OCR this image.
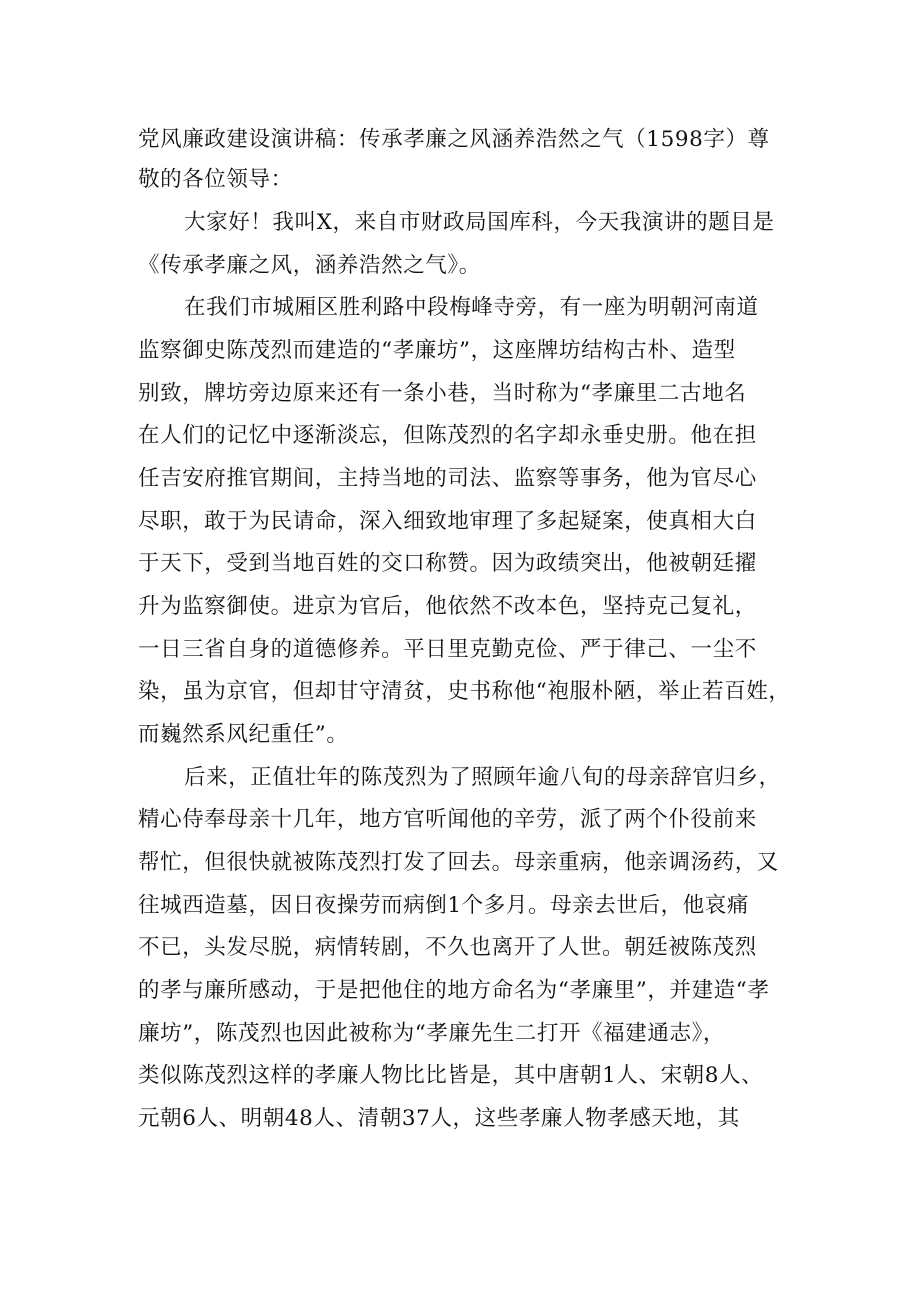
党风廉政建设演讲稿：传承孝廉之风涵养浩然之气（1598字）尊
敬的各位领导：
大家好！我叫X，来自市财政局国库科，今天我演讲的题目是
《传承孝廉之风，涵养浩然之气》。
在我们市城厢区胜利路中段梅峰寺旁，有一座为明朝河南道
监察御史陈茂烈而建造的“孝廉坊”，这座牌坊结构古朴、造型
别致，牌坊旁边原来还有一条小巷，当时称为“孝廉里二古地名
在人们的记忆中逐渐淡忘，但陈茂烈的名字却永垂史册。他在担
任吉安府推官期间，主持当地的司法、监察等事务，他为官尽心
尽职，敢于为民请命，深入细致地审理了多起疑案，使真相大白
于天下，受到当地百姓的交口称赞。因为政绩突出，他被朝廷擢
升为监察御使。进京为官后，他依然不改本色，坚持克己复礼，
一日三省自身的道德修养。平日里克勤克俭、严于律己、一尘不
染，虽为京官，但却甘守清贫，史书称他“袍服朴陋，举止若百姓，
而巍然系风纪重任”。
后来，正值壮年的陈茂烈为了照顾年逾八旬的母亲辞官归乡，
精心侍奉母亲十几年，地方官听闻他的辛劳，派了两个仆役前来
帮忙，但很快就被陈茂烈打发了回去。母亲重病，他亲调汤药，又
往城西造墓，因日夜操劳而病倒1个多月。母亲去世后，他哀痛
不已，头发尽脱，病情转剧，不久也离开了人世。朝廷被陈茂烈
的孝与廉所感动，于是把他住的地方命名为“孝廉里”，并建造“孝
廉坊”，陈茂烈也因此被称为“孝廉先生二打开《福建通志》，
类似陈茂烈这样的孝廉人物比比皆是，其中唐朝1人、宋朝8人、
元朝6人、明朝48人、清朝37人，这些孝廉人物孝感天地，其
